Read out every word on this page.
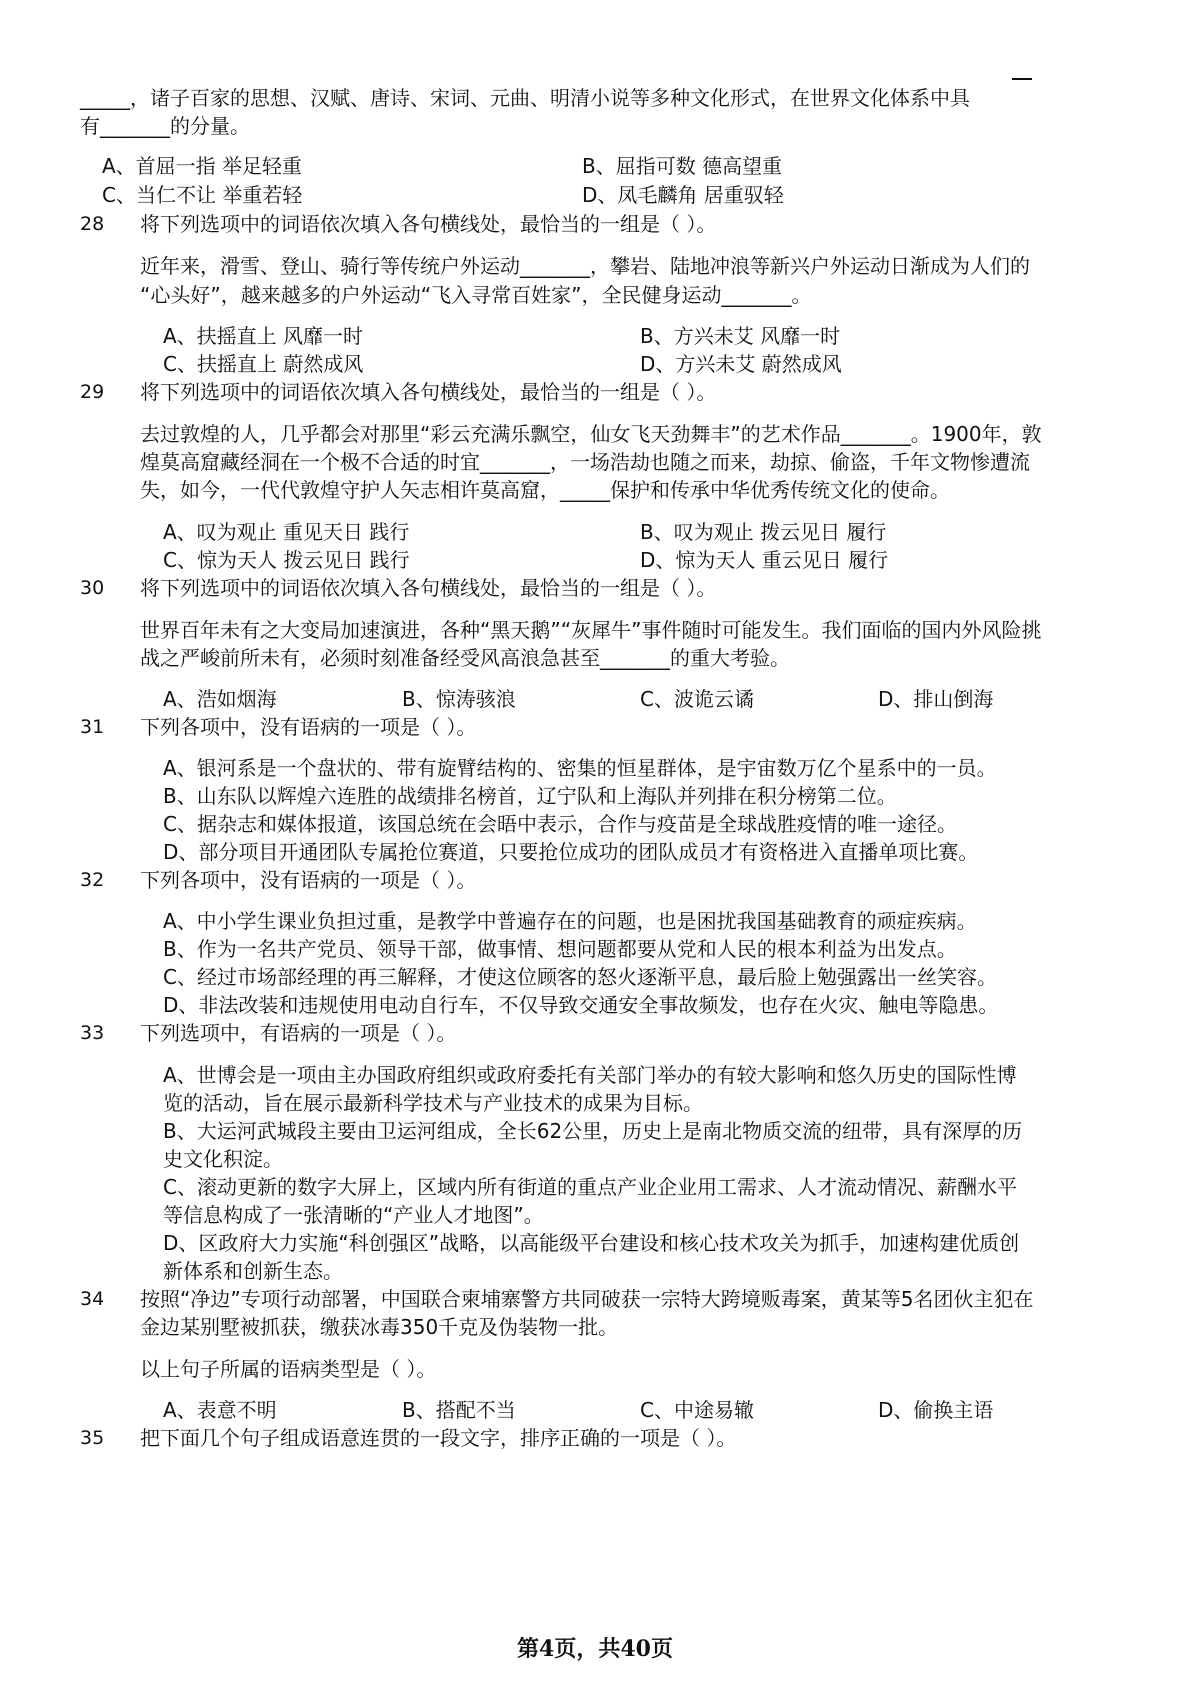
_____，诸子百家的思想、汉赋、唐诗、宋词、元曲、明清小说等多种文化形式，在世界文化体系中具
有_______的分量。
A、首屈一指 举足轻重	B、屈指可数 德高望重
C、当仁不让 举重若轻	D、凤毛麟角 居重驭轻
28 将下列选项中的词语依次填入各句横线处，最恰当的一组是（ ）。
近年来，滑雪、登山、骑行等传统户外运动_______，攀岩、陆地冲浪等新兴户外运动日渐成为人们的
“心头好”，越来越多的户外运动“飞入寻常百姓家”，全民健身运动_______。
A、扶摇直上 风靡一时	B、方兴未艾 风靡一时
C、扶摇直上 蔚然成风	D、方兴未艾 蔚然成风
29 将下列选项中的词语依次填入各句横线处，最恰当的一组是（ ）。
去过敦煌的人，几乎都会对那里“彩云充满乐飘空，仙女飞天劲舞丰”的艺术作品_______。1900年，敦
煌莫高窟藏经洞在一个极不合适的时宜_______，一场浩劫也随之而来，劫掠、偷盗，千年文物惨遭流
失，如今，一代代敦煌守护人矢志相许莫高窟，_____保护和传承中华优秀传统文化的使命。
A、叹为观止 重见天日 践行	B、叹为观止 拨云见日 履行
C、惊为天人 拨云见日 践行	D、惊为天人 重云见日 履行
30 将下列选项中的词语依次填入各句横线处，最恰当的一组是（ ）。
世界百年未有之大变局加速演进，各种“黑天鹅”“灰犀牛”事件随时可能发生。我们面临的国内外风险挑
战之严峻前所未有，必须时刻准备经受风高浪急甚至_______的重大考验。
A、浩如烟海	B、惊涛骇浪	C、波诡云谲	D、排山倒海
31 下列各项中，没有语病的一项是（ ）。
A、银河系是一个盘状的、带有旋臂结构的、密集的恒星群体，是宇宙数万亿个星系中的一员。
B、山东队以辉煌六连胜的战绩排名榜首，辽宁队和上海队并列排在积分榜第二位。
C、据杂志和媒体报道，该国总统在会晤中表示，合作与疫苗是全球战胜疫情的唯一途径。
D、部分项目开通团队专属抢位赛道，只要抢位成功的团队成员才有资格进入直播单项比赛。
32 下列各项中，没有语病的一项是（ ）。
A、中小学生课业负担过重，是教学中普遍存在的问题，也是困扰我国基础教育的顽症疾病。
B、作为一名共产党员、领导干部，做事情、想问题都要从党和人民的根本利益为出发点。
C、经过市场部经理的再三解释，才使这位顾客的怒火逐渐平息，最后脸上勉强露出一丝笑容。
D、非法改装和违规使用电动自行车，不仅导致交通安全事故频发，也存在火灾、触电等隐患。
33 下列选项中，有语病的一项是（ ）。
A、世博会是一项由主办国政府组织或政府委托有关部门举办的有较大影响和悠久历史的国际性博
览的活动，旨在展示最新科学技术与产业技术的成果为目标。
B、大运河武城段主要由卫运河组成，全长62公里，历史上是南北物质交流的纽带，具有深厚的历
史文化积淀。
C、滚动更新的数字大屏上，区域内所有街道的重点产业企业用工需求、人才流动情况、薪酬水平
等信息构成了一张清晰的“产业人才地图”。
D、区政府大力实施“科创强区”战略，以高能级平台建设和核心技术攻关为抓手，加速构建优质创
新体系和创新生态。
34 按照“净边”专项行动部署，中国联合柬埔寨警方共同破获一宗特大跨境贩毒案，黄某等5名团伙主犯在
金边某别墅被抓获，缴获冰毒350千克及伪装物一批。
以上句子所属的语病类型是（ ）。
A、表意不明	B、搭配不当	C、中途易辙	D、偷换主语
35 把下面几个句子组成语意连贯的一段文字，排序正确的一项是（ ）。
第4页，共40页
